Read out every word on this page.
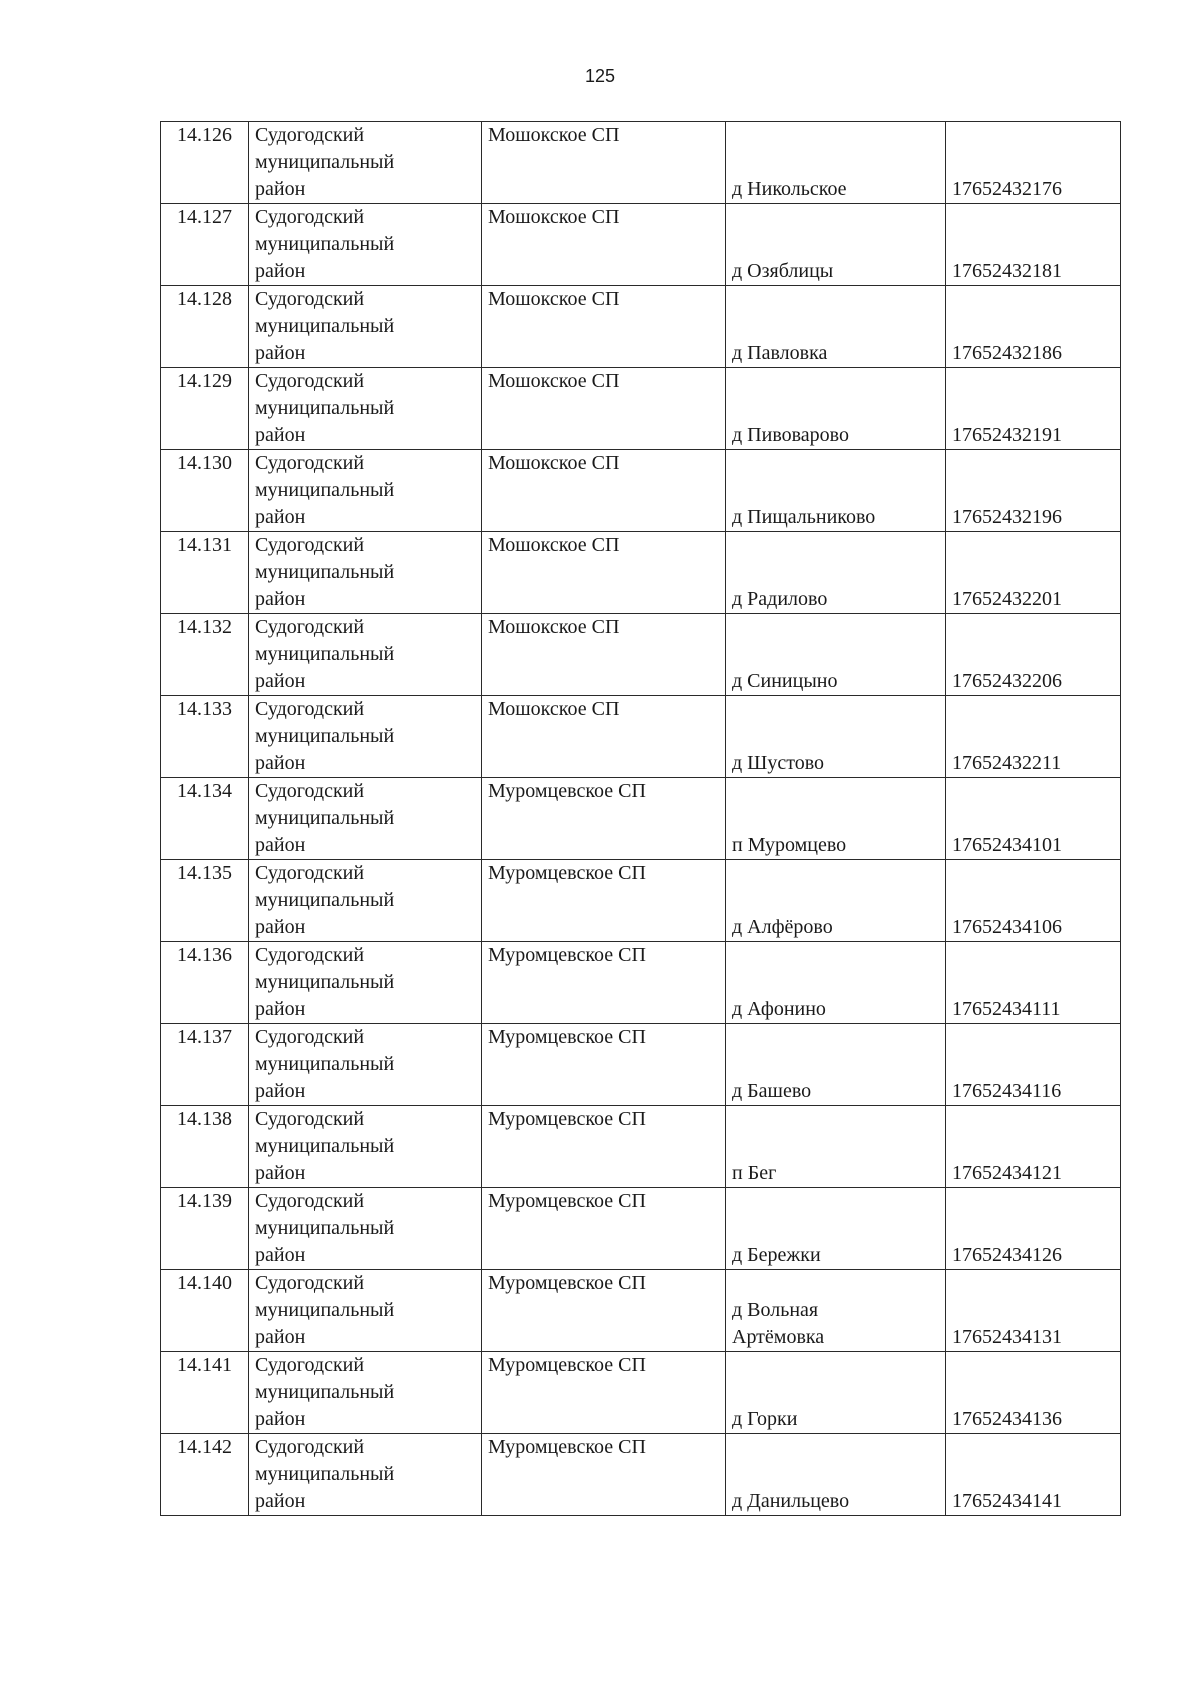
125
14.126	Судогодский
муниципальный
район	Мошокское СП	д Никольское	17652432176
14.127	Судогодский
муниципальный
район	Мошокское СП	д Озяблицы	17652432181
14.128	Судогодский
муниципальный
район	Мошокское СП	д Павловка	17652432186
14.129	Судогодский
муниципальный
район	Мошокское СП	д Пивоварово	17652432191
14.130	Судогодский
муниципальный
район	Мошокское СП	д Пищальниково	17652432196
14.131	Судогодский
муниципальный
район	Мошокское СП	д Радилово	17652432201
14.132	Судогодский
муниципальный
район	Мошокское СП	д Синицыно	17652432206
14.133	Судогодский
муниципальный
район	Мошокское СП	д Шустово	17652432211
14.134	Судогодский
муниципальный
район	Муромцевское СП	п Муромцево	17652434101
14.135	Судогодский
муниципальный
район	Муромцевское СП	д Алфёрово	17652434106
14.136	Судогодский
муниципальный
район	Муромцевское СП	д Афонино	17652434111
14.137	Судогодский
муниципальный
район	Муромцевское СП	д Башево	17652434116
14.138	Судогодский
муниципальный
район	Муромцевское СП	п Бег	17652434121
14.139	Судогодский
муниципальный
район	Муромцевское СП	д Бережки	17652434126
14.140	Судогодский
муниципальный
район	Муромцевское СП	д Вольная
Артёмовка	17652434131
14.141	Судогодский
муниципальный
район	Муромцевское СП	д Горки	17652434136
14.142	Судогодский
муниципальный
район	Муромцевское СП	д Данильцево	17652434141
